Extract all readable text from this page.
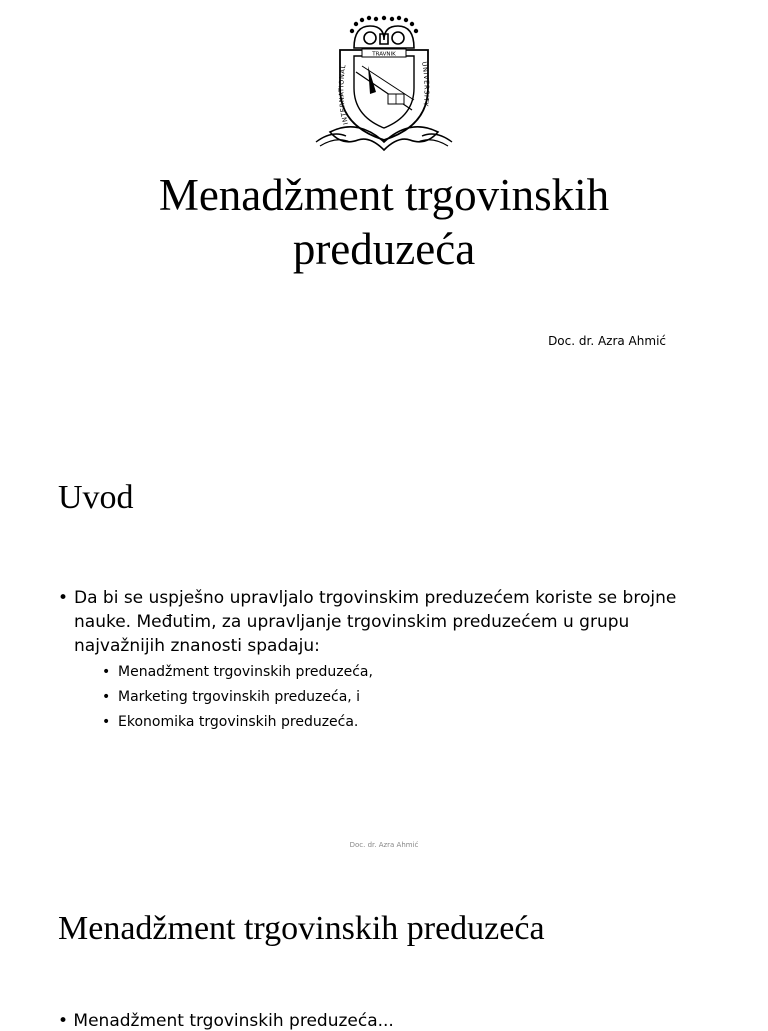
TRAVNIK
INTERNATIONAL	UNIVERSITY
Menadžment trgovinskih
preduzeća
Doc. dr. Azra Ahmić
Uvod
• Da bi se uspješno upravljalo trgovinskim preduzećem koriste se brojne nauke. Međutim, za upravljanje trgovinskim preduzećem u grupu najvažnijih znanosti spadaju:
• Menadžment trgovinskih preduzeća,
• Marketing trgovinskih preduzeća, i
• Ekonomika trgovinskih preduzeća.
Doc. dr. Azra Ahmić
Menadžment trgovinskih preduzeća
• Menadžment trgovinskih preduzeća...
